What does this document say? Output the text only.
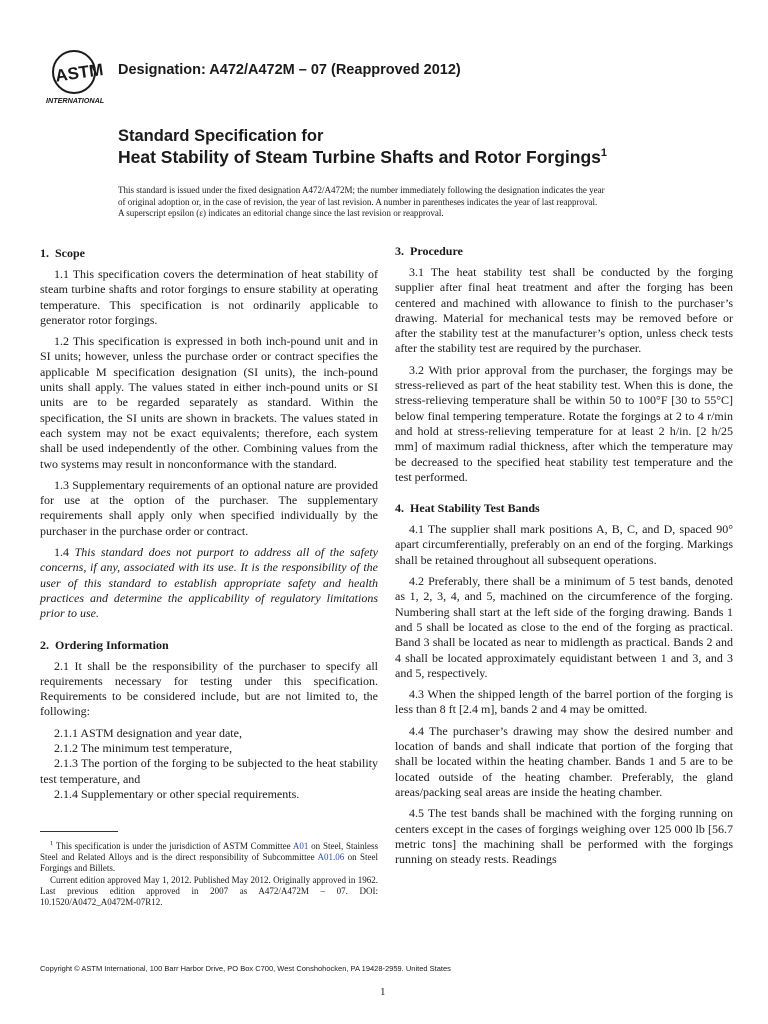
ASTM
INTERNATIONAL
Designation: A472/A472M – 07 (Reapproved 2012)
Standard Specification for
Heat Stability of Steam Turbine Shafts and Rotor Forgings$^1$
This standard is issued under the fixed designation A472/A472M; the number immediately following the designation indicates the year
of original adoption or, in the case of revision, the year of last revision. A number in parentheses indicates the year of last reapproval.
A superscript epsilon (ε) indicates an editorial change since the last revision or reapproval.
1. Scope

1.1 This specification covers the determination of heat stability of steam turbine shafts and rotor forgings to ensure stability at operating temperature. This specification is not ordinarily applicable to generator rotor forgings.

1.2 This specification is expressed in both inch-pound unit and in SI units; however, unless the purchase order or contract specifies the applicable M specification designation (SI units), the inch-pound units shall apply. The values stated in either inch-pound units or SI units are to be regarded separately as standard. Within the specification, the SI units are shown in brackets. The values stated in each system may not be exact equivalents; therefore, each system shall be used independently of the other. Combining values from the two systems may result in nonconformance with the standard.

1.3 Supplementary requirements of an optional nature are provided for use at the option of the purchaser. The supplementary requirements shall apply only when specified individually by the purchaser in the purchase order or contract.

1.4 This standard does not purport to address all of the safety concerns, if any, associated with its use. It is the responsibility of the user of this standard to establish appropriate safety and health practices and determine the applicability of regulatory limitations prior to use.

2. Ordering Information

2.1 It shall be the responsibility of the purchaser to specify all requirements necessary for testing under this specification. Requirements to be considered include, but are not limited to, the following:

2.1.1 ASTM designation and year date,
2.1.2 The minimum test temperature,
2.1.3 The portion of the forging to be subjected to the heat stability test temperature, and
2.1.4 Supplementary or other special requirements.

$^1$ This specification is under the jurisdiction of ASTM Committee A01 on Steel, Stainless Steel and Related Alloys and is the direct responsibility of Subcommittee A01.06 on Steel Forgings and Billets.

Current edition approved May 1, 2012. Published May 2012. Originally approved in 1962. Last previous edition approved in 2007 as A472/A472M – 07. DOI: 10.1520/A0472_A0472M-07R12.

3. Procedure

3.1 The heat stability test shall be conducted by the forging supplier after final heat treatment and after the forging has been centered and machined with allowance to finish to the purchaser’s drawing. Material for mechanical tests may be removed before or after the stability test at the manufacturer’s option, unless check tests after the stability test are required by the purchaser.

3.2 With prior approval from the purchaser, the forgings may be stress-relieved as part of the heat stability test. When this is done, the stress-relieving temperature shall be within 50 to 100°F [30 to 55°C] below final tempering temperature. Rotate the forgings at 2 to 4 r/min and hold at stress-relieving temperature for at least 2 h/in. [2 h/25 mm] of maximum radial thickness, after which the temperature may be decreased to the specified heat stability test temperature and the test performed.

4. Heat Stability Test Bands

4.1 The supplier shall mark positions A, B, C, and D, spaced 90° apart circumferentially, preferably on an end of the forging. Markings shall be retained throughout all subsequent operations.

4.2 Preferably, there shall be a minimum of 5 test bands, denoted as 1, 2, 3, 4, and 5, machined on the circumference of the forging. Numbering shall start at the left side of the forging drawing. Bands 1 and 5 shall be located as close to the end of the forging as practical. Band 3 shall be located as near to midlength as practical. Bands 2 and 4 shall be located approximately equidistant between 1 and 3, and 3 and 5, respectively.

4.3 When the shipped length of the barrel portion of the forging is less than 8 ft [2.4 m], bands 2 and 4 may be omitted.

4.4 The purchaser’s drawing may show the desired number and location of bands and shall indicate that portion of the forging that shall be located within the heating chamber. Bands 1 and 5 are to be located outside of the heating chamber. Preferably, the gland areas/packing seal areas are inside the heating chamber.

4.5 The test bands shall be machined with the forging running on centers except in the cases of forgings weighing over 125 000 lb [56.7 metric tons] the machining shall be performed with the forgings running on steady rests. Readings

Copyright © ASTM International, 100 Barr Harbor Drive, PO Box C700, West Conshohocken, PA 19428-2959. United States
1
